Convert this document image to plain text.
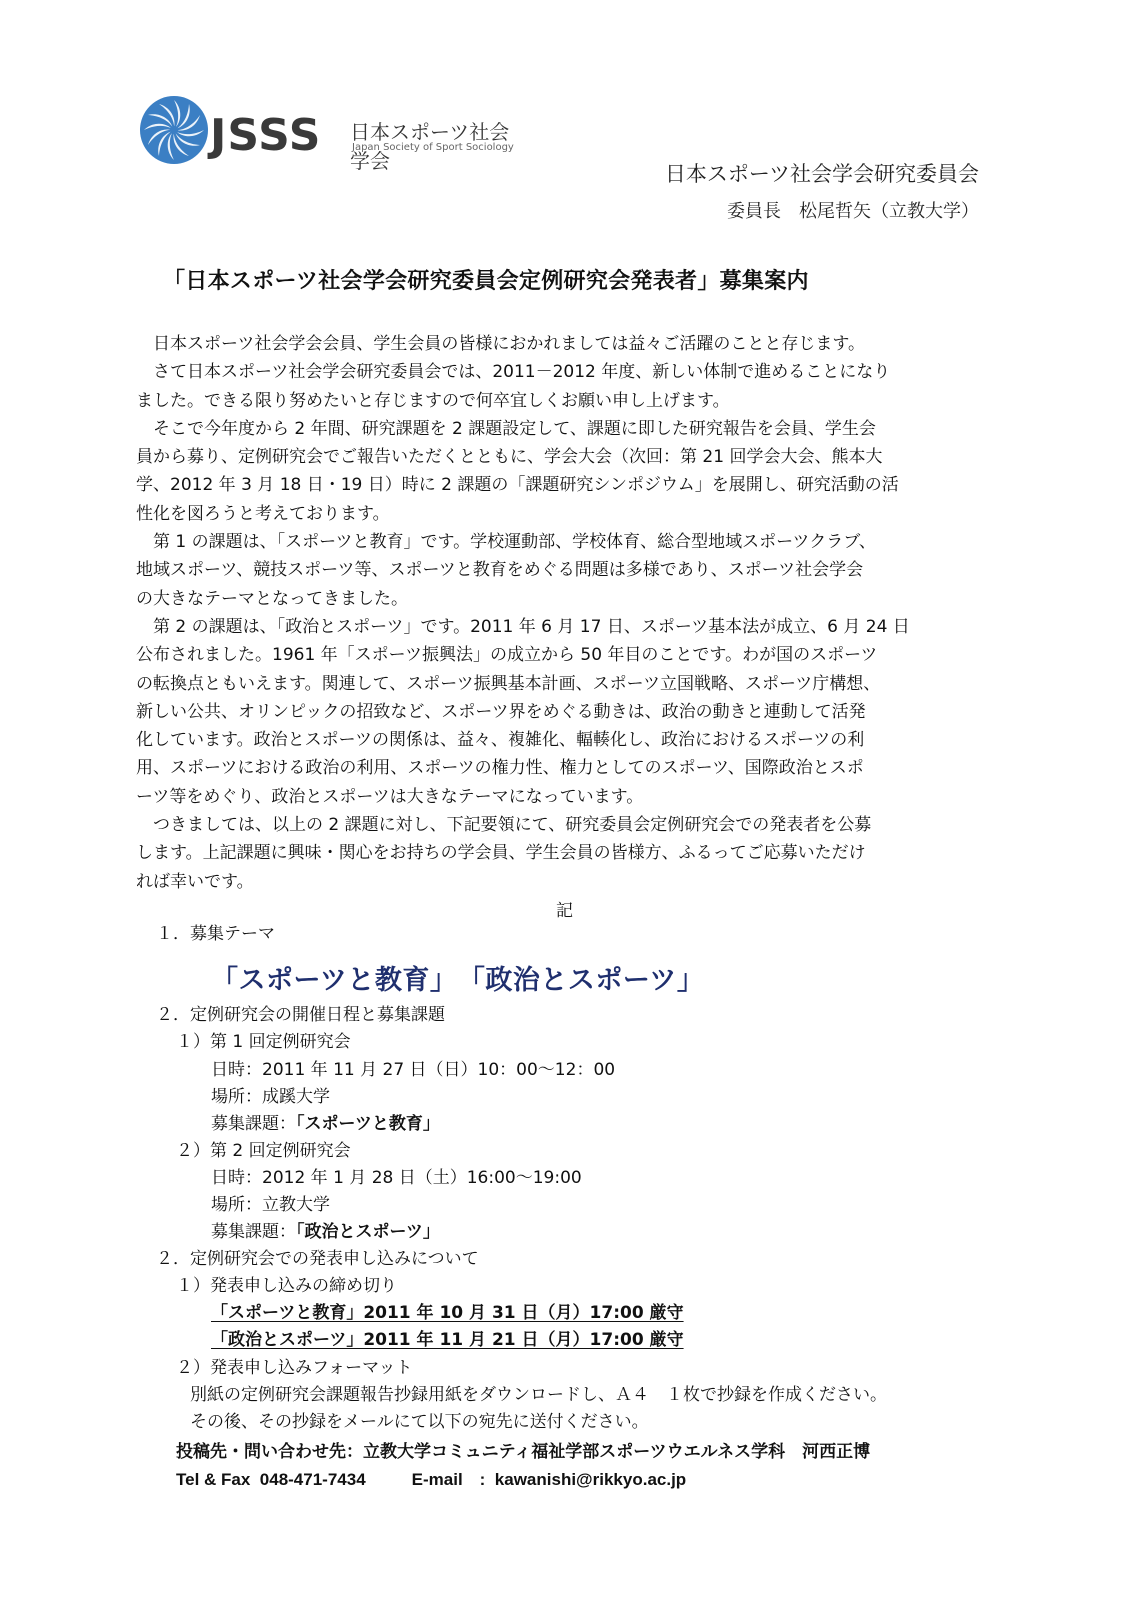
JSSS 日本スポーツ社会学会
Japan Society of Sport Sociology
日本スポーツ社会学会研究委員会
委員長　松尾哲矢（立教大学）
「日本スポーツ社会学会研究委員会定例研究会発表者」募集案内
　日本スポーツ社会学会会員、学生会員の皆様におかれましては益々ご活躍のことと存じます。
　さて日本スポーツ社会学会研究委員会では、2011－2012 年度、新しい体制で進めることになり
ました。できる限り努めたいと存じますので何卒宜しくお願い申し上げます。
　そこで今年度から 2 年間、研究課題を 2 課題設定して、課題に即した研究報告を会員、学生会
員から募り、定例研究会でご報告いただくとともに、学会大会（次回：第 21 回学会大会、熊本大
学、2012 年 3 月 18 日・19 日）時に 2 課題の「課題研究シンポジウム」を展開し、研究活動の活
性化を図ろうと考えております。
　第 1 の課題は、「スポーツと教育」です。学校運動部、学校体育、総合型地域スポーツクラブ、
地域スポーツ、競技スポーツ等、スポーツと教育をめぐる問題は多様であり、スポーツ社会学会
の大きなテーマとなってきました。
　第 2 の課題は、「政治とスポーツ」です。2011 年 6 月 17 日、スポーツ基本法が成立、6 月 24 日
公布されました。1961 年「スポーツ振興法」の成立から 50 年目のことです。わが国のスポーツ
の転換点ともいえます。関連して、スポーツ振興基本計画、スポーツ立国戦略、スポーツ庁構想、
新しい公共、オリンピックの招致など、スポーツ界をめぐる動きは、政治の動きと連動して活発
化しています。政治とスポーツの関係は、益々、複雑化、輻輳化し、政治におけるスポーツの利
用、スポーツにおける政治の利用、スポーツの権力性、権力としてのスポーツ、国際政治とスポ
ーツ等をめぐり、政治とスポーツは大きなテーマになっています。
　つきましては、以上の 2 課題に対し、下記要領にて、研究委員会定例研究会での発表者を公募
します。上記課題に興味・関心をお持ちの学会員、学生会員の皆様方、ふるってご応募いただけ
れば幸いです。
記
１．募集テーマ
「スポーツと教育」　「政治とスポーツ」
２．定例研究会の開催日程と募集課題
１）第 1 回定例研究会
日時：2011 年 11 月 27 日（日）10：00～12：00
場所：成蹊大学
募集課題：「スポーツと教育」
２）第 2 回定例研究会
日時：2012 年 1 月 28 日（土）16:00～19:00
場所：立教大学
募集課題：「政治とスポーツ」
２．定例研究会での発表申し込みについて
１）発表申し込みの締め切り
「スポーツと教育」2011 年 10 月 31 日（月）17:00 厳守
「政治とスポーツ」2011 年 11 月 21 日（月）17:00 厳守
２）発表申し込みフォーマット
別紙の定例研究会課題報告抄録用紙をダウンロードし、Ａ４　１枚で抄録を作成ください。
その後、その抄録をメールにて以下の宛先に送付ください。
投稿先・問い合わせ先：立教大学コミュニティ福祉学部スポーツウエルネス学科　河西正博
Tel & Fax 048-471-7434	E-mail　: kawanishi@rikkyo.ac.jp
